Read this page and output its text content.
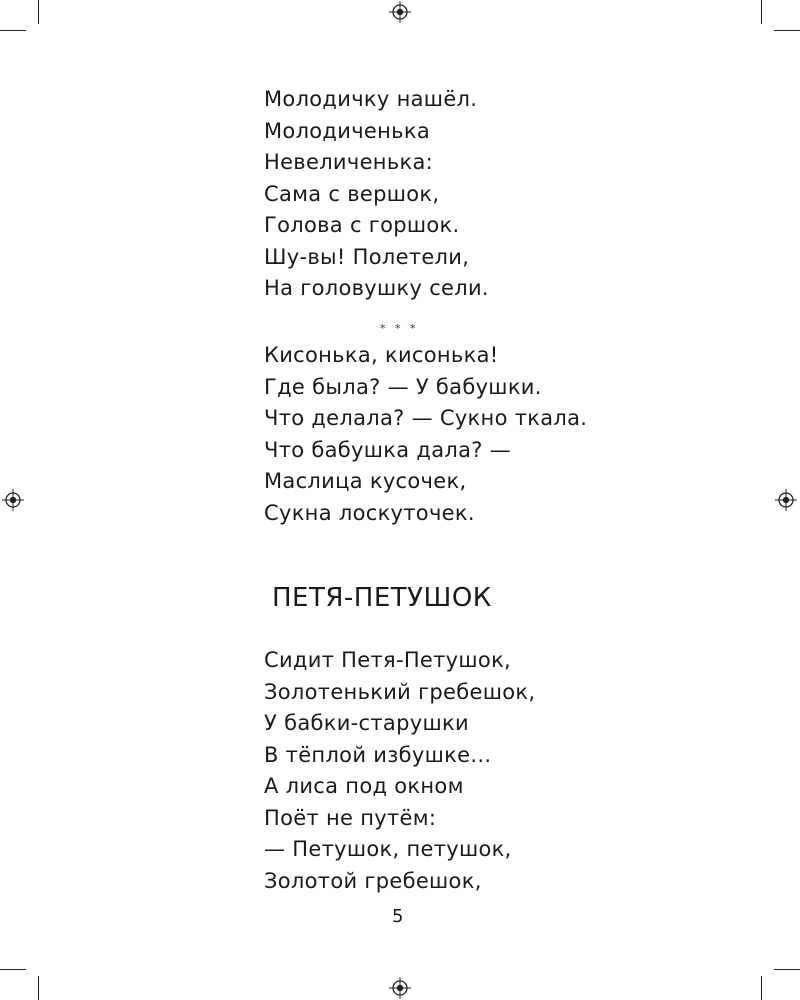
Молодичку нашёл.
Молодиченька
Невеличенька:
Сама с вершок,
Голова с горшок.
Шу-вы! Полетели,
На головушку сели.
* * *
Кисонька, кисонька!
Где была? — У бабушки.
Что делала? — Сукно ткала.
Что бабушка дала? —
Маслица кусочек,
Сукна лоскуточек.
ПЕТЯ-ПЕТУШОК
Сидит Петя-Петушок,
Золотенький гребешок,
У бабки-старушки
В тёплой избушке...
А лиса под окном
Поёт не путём:
— Петушок, петушок,
Золотой гребешок,
5
